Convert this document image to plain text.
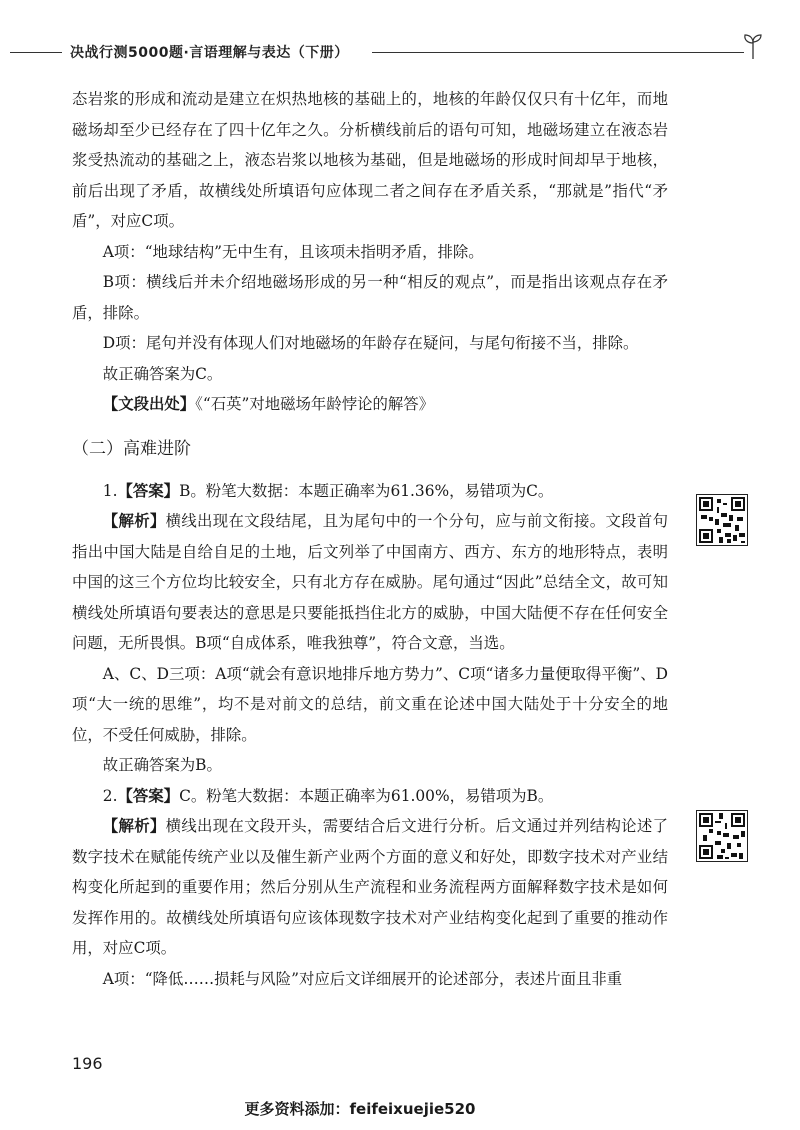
决战行测5000题·言语理解与表达（下册）

态岩浆的形成和流动是建立在炽热地核的基础上的，地核的年龄仅仅只有十亿年，而地磁场却至少已经存在了四十亿年之久。分析横线前后的语句可知，地磁场建立在液态岩浆受热流动的基础之上，液态岩浆以地核为基础，但是地磁场的形成时间却早于地核，前后出现了矛盾，故横线处所填语句应体现二者之间存在矛盾关系，“那就是”指代“矛盾”，对应C项。

A项：“地球结构”无中生有，且该项未指明矛盾，排除。

B项：横线后并未介绍地磁场形成的另一种“相反的观点”，而是指出该观点存在矛盾，排除。

D项：尾句并没有体现人们对地磁场的年龄存在疑问，与尾句衔接不当，排除。

故正确答案为C。

【文段出处】《“石英”对地磁场年龄悖论的解答》

（二）高难进阶

1.【答案】B。粉笔大数据：本题正确率为61.36%，易错项为C。

【解析】横线出现在文段结尾，且为尾句中的一个分句，应与前文衔接。文段首句指出中国大陆是自给自足的土地，后文列举了中国南方、西方、东方的地形特点，表明中国的这三个方位均比较安全，只有北方存在威胁。尾句通过“因此”总结全文，故可知横线处所填语句要表达的意思是只要能抵挡住北方的威胁，中国大陆便不存在任何安全问题，无所畏惧。B项“自成体系，唯我独尊”，符合文意，当选。

A、C、D三项：A项“就会有意识地排斥地方势力”、C项“诸多力量便取得平衡”、D项“大一统的思维”，均不是对前文的总结，前文重在论述中国大陆处于十分安全的地位，不受任何威胁，排除。

故正确答案为B。

2.【答案】C。粉笔大数据：本题正确率为61.00%，易错项为B。

【解析】横线出现在文段开头，需要结合后文进行分析。后文通过并列结构论述了数字技术在赋能传统产业以及催生新产业两个方面的意义和好处，即数字技术对产业结构变化所起到的重要作用；然后分别从生产流程和业务流程两方面解释数字技术是如何发挥作用的。故横线处所填语句应该体现数字技术对产业结构变化起到了重要的推动作用，对应C项。

A项：“降低……损耗与风险”对应后文详细展开的论述部分，表述片面且非重

196
更多资料添加：feifeixuejie520
